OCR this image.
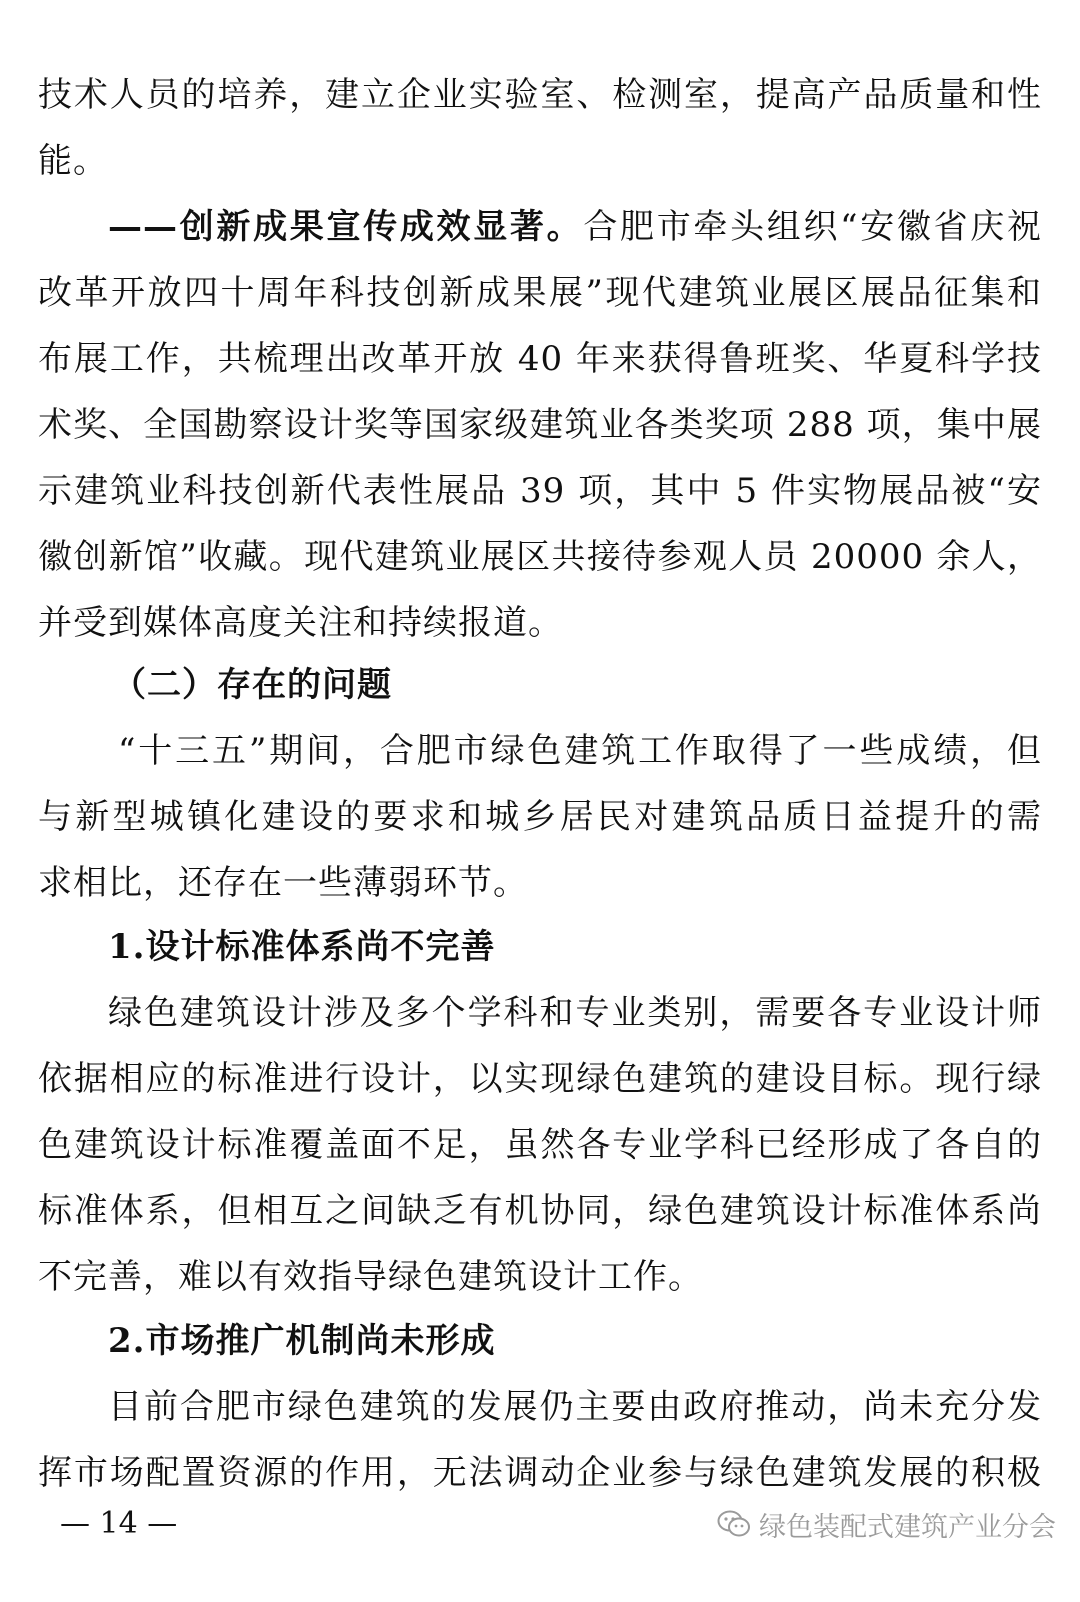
技术人员的培养，建立企业实验室、检测室，提高产品质量和性
能。
——创新成果宣传成效显著。合肥市牵头组织“安徽省庆祝
改革开放四十周年科技创新成果展”现代建筑业展区展品征集和
布展工作，共梳理出改革开放 40 年来获得鲁班奖、华夏科学技
术奖、全国勘察设计奖等国家级建筑业各类奖项 288 项，集中展
示建筑业科技创新代表性展品 39 项，其中 5 件实物展品被“安
徽创新馆”收藏。现代建筑业展区共接待参观人员 20000 余人，
并受到媒体高度关注和持续报道。
（二）存在的问题
“十三五”期间，合肥市绿色建筑工作取得了一些成绩，但
与新型城镇化建设的要求和城乡居民对建筑品质日益提升的需
求相比，还存在一些薄弱环节。
1.设计标准体系尚不完善
绿色建筑设计涉及多个学科和专业类别，需要各专业设计师
依据相应的标准进行设计，以实现绿色建筑的建设目标。现行绿
色建筑设计标准覆盖面不足，虽然各专业学科已经形成了各自的
标准体系，但相互之间缺乏有机协同，绿色建筑设计标准体系尚
不完善，难以有效指导绿色建筑设计工作。
2.市场推广机制尚未形成
目前合肥市绿色建筑的发展仍主要由政府推动，尚未充分发
挥市场配置资源的作用，无法调动企业参与绿色建筑发展的积极
— 14 —	绿色装配式建筑产业分会
